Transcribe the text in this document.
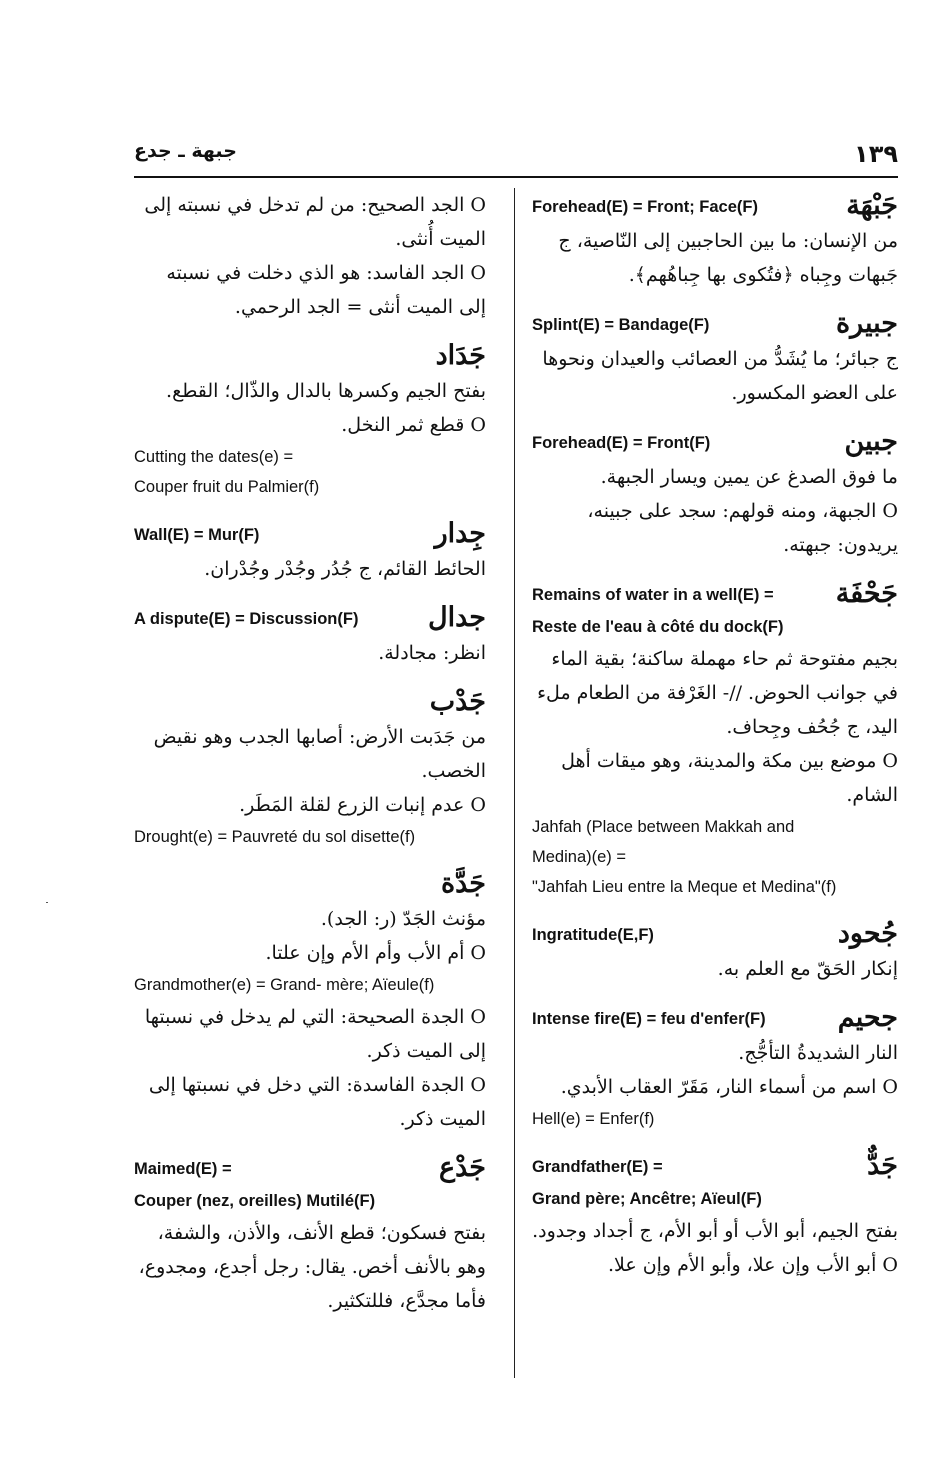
جبهة ـ جدع	١٣٩
Forehead(E) = Front; Face(F)	جَبْهَة
من الإنسان: ما بين الحاجبين إلى النّاصية، ج جَبهات وجِباه ﴿فتُكوى بها جِباهُهم﴾.
Splint(E) = Bandage(F)	جبيرة
ج جبائر؛ ما يُشَدُّ من العصائب والعيدان ونحوها على العضو المكسور.
Forehead(E) = Front(F)	جبين
ما فوق الصدغ عن يمين ويسار الجبهة.
O الجبهة، ومنه قولهم: سجد على جبينه، يريدون: جبهته.
Remains of water in a well(E) = جَحْفَة
Reste de l'eau à côté du dock(F)
بجيم مفتوحة ثم حاء مهملة ساكنة؛ بقية الماء في جوانب الحوض. //- الغَرْفة من الطعام ملء اليد، ج جُحُف وجِحاف.
O موضع بين مكة والمدينة، وهو ميقات أهل الشام.
Jahfah (Place between Makkah and
Medina)(e) =
"Jahfah Lieu entre la Meque et Medina"(f)
Ingratitude(E,F)	جُحود
إنكار الحَقّ مع العلم به.
Intense fire(E) = feu d'enfer(F)	جحيم
النار الشديدةُ التأجُّج.
O اسم من أسماء النار، مَقَرّ العقاب الأبدي.
Hell(e) = Enfer(f)
Grandfather(E) =	جَدٌّ
Grand père; Ancêtre; Aïeul(F)
بفتح الجيم، أبو الأب أو أبو الأم، ج أجداد وجدود.
O أبو الأب وإن علا، وأبو الأم وإن علا.
O الجد الصحيح: من لم تدخل في نسبته إلى الميت أُنثى.
O الجد الفاسد: هو الذي دخلت في نسبته إلى الميت أنثى = الجد الرحمي.
جَدَاد
بفتح الجيم وكسرها بالدال والذّال؛ القطع.
O قطع ثمر النخل.
Cutting the dates(e) =
Couper fruit du Palmier(f)
Wall(E) = Mur(F)	جِدار
الحائط القائم، ج جُدُر وجُدْر وجُدْران.
A dispute(E) = Discussion(F)	جدال
انظر: مجادلة.
جَدْب
من جَدَبت الأرض: أصابها الجدب وهو نقيض الخصب.
O عدم إنبات الزرع لقلة المَطَر.
Drought(e) = Pauvreté du sol disette(f)
جَدَّة
مؤنث الجَدّ (ر: الجد).
O أم الأب وأم الأم وإن علتا.
Grandmother(e) = Grand- mère; Aïeule(f)
O الجدة الصحيحة: التي لم يدخل في نسبتها إلى الميت ذكر.
O الجدة الفاسدة: التي دخل في نسبتها إلى الميت ذكر.
Maimed(E) =	جَدْع
Couper (nez, oreilles) Mutilé(F)
بفتح فسكون؛ قطع الأنف، والأذن، والشفة، وهو بالأنف أخص. يقال: رجل أجدع، ومجدوع، فأما مجدَّع، فللتكثير.
